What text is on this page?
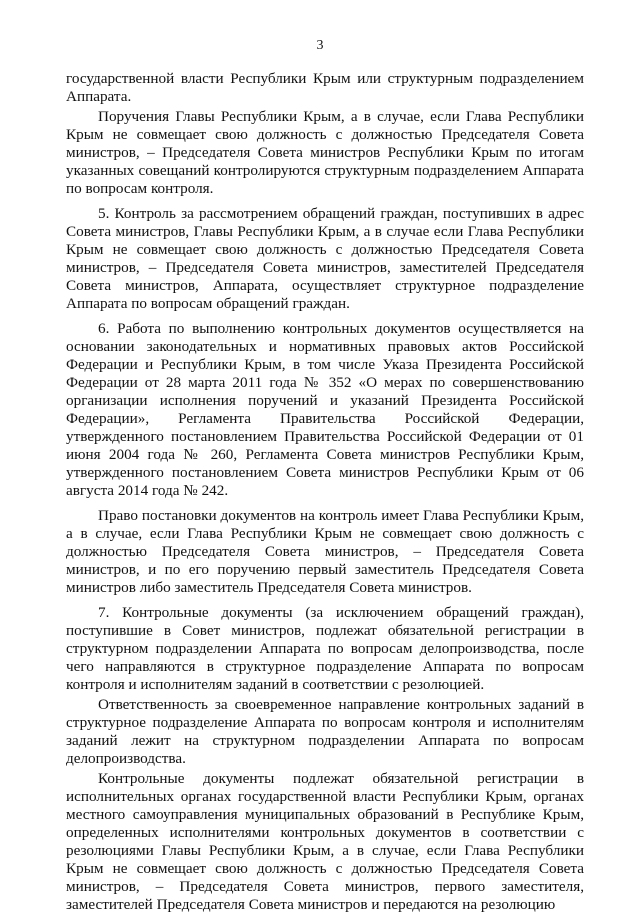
3

государственной власти Республики Крым или структурным подразделением Аппарата.

Поручения Главы Республики Крым, а в случае, если Глава Республики Крым не совмещает свою должность с должностью Председателя Совета министров, – Председателя Совета министров Республики Крым по итогам указанных совещаний контролируются структурным подразделением Аппарата по вопросам контроля.

5. Контроль за рассмотрением обращений граждан, поступивших в адрес Совета министров, Главы Республики Крым, а в случае если Глава Республики Крым не совмещает свою должность с должностью Председателя Совета министров, – Председателя Совета министров, заместителей Председателя Совета министров, Аппарата, осуществляет структурное подразделение Аппарата по вопросам обращений граждан.

6. Работа по выполнению контрольных документов осуществляется на основании законодательных и нормативных правовых актов Российской Федерации и Республики Крым, в том числе Указа Президента Российской Федерации от 28 марта 2011 года № 352 «О мерах по совершенствованию организации исполнения поручений и указаний Президента Российской Федерации», Регламента Правительства Российской Федерации, утвержденного постановлением Правительства Российской Федерации от 01 июня 2004 года № 260, Регламента Совета министров Республики Крым, утвержденного постановлением Совета министров Республики Крым от 06 августа 2014 года № 242.

Право постановки документов на контроль имеет Глава Республики Крым, а в случае, если Глава Республики Крым не совмещает свою должность с должностью Председателя Совета министров, – Председателя Совета министров, и по его поручению первый заместитель Председателя Совета министров либо заместитель Председателя Совета министров.

7. Контрольные документы (за исключением обращений граждан), поступившие в Совет министров, подлежат обязательной регистрации в структурном подразделении Аппарата по вопросам делопроизводства, после чего направляются в структурное подразделение Аппарата по вопросам контроля и исполнителям заданий в соответствии с резолюцией.

Ответственность за своевременное направление контрольных заданий в структурное подразделение Аппарата по вопросам контроля и исполнителям заданий лежит на структурном подразделении Аппарата по вопросам делопроизводства.

Контрольные документы подлежат обязательной регистрации в исполнительных органах государственной власти Республики Крым, органах местного самоуправления муниципальных образований в Республике Крым, определенных исполнителями контрольных документов в соответствии с резолюциями Главы Республики Крым, а в случае, если Глава Республики Крым не совмещает свою должность с должностью Председателя Совета министров, – Председателя Совета министров, первого заместителя, заместителей Председателя Совета министров и передаются на резолюцию
